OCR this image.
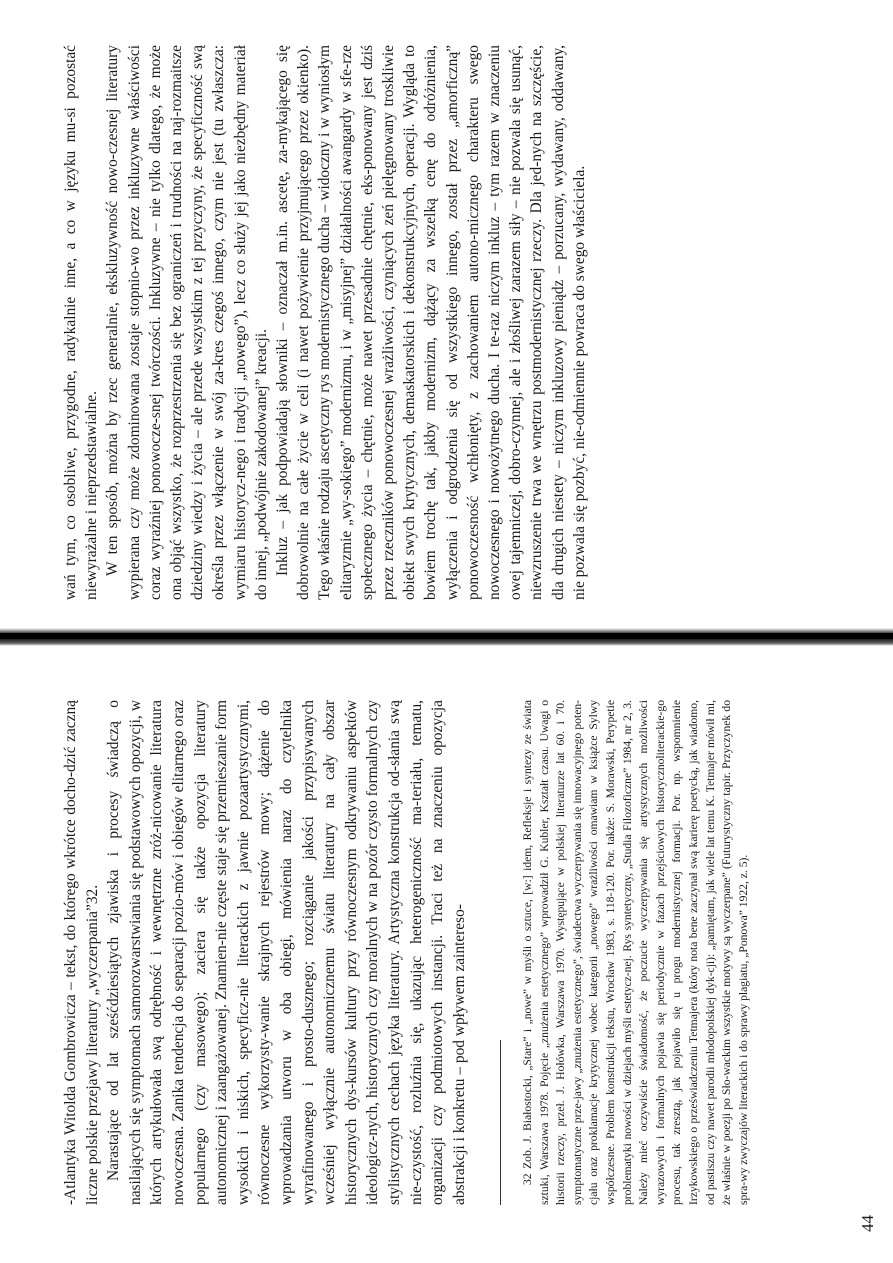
-Atlantyka Witolda Gombrowicza – tekst, do którego wkrótce docho-dzić zaczną liczne polskie przejawy literatury „wyczerpania”32. Narastające od lat sześćdziesiątych zjawiska i procesy świadczą o nasilających się symptomach samorozwarstwiania się podstawowych opozycji, w których artykułowała swą odrębność i wewnętrzne zróż-nicowanie literatura nowoczesna. Zanika tendencja do separacji pozio-mów i obiegów elitarnego oraz popularnego (czy masowego); zaciera się także opozycja literatury autonomicznej i zaangażowanej. Znamien-nie częste staje się przemieszanie form wysokich i niskich, specyficz-nie literackich z jawnie pozaartystycznymi, równoczesne wykorzysty-wanie skrajnych rejestrów mowy; dążenie do wprowadzania utworu w oba obiegi, mówienia naraz do czytelnika wyrafinowanego i prosto-dusznego; rozciąganie jakości przypisywanych wcześniej wyłącznie autonomicznemu światu literatury na cały obszar historycznych dys-kursów kultury przy równoczesnym odkrywaniu aspektów ideologicz-nych, historycznych czy moralnych w na pozór czysto formalnych czy stylistycznych cechach języka literatury. Artystyczna konstrukcja od-słania swą nie-czystość, rozluźnia się, ukazując heterogeniczność ma-teriału, tematu, organizacji czy podmiotowych instancji. Traci też na znaczeniu opozycja abstrakcji i konkretu – pod wpływem zaintereso-	32 Zob. J. Białostocki, „Stare” i „nowe” w myśli o sztuce, [w:] idem, Refleksje i syntezy ze świata sztuki, Warszawa 1978. Pojęcie „znużenia estetycznego” wprowadził G. Kubler, Kształt czasu. Uwagi o historii rzeczy, przeł. J. Hołówka, Warszawa 1970. Występujące w polskiej literaturze lat 60. i 70. symptomatyczne prze-jawy „znużenia estetycznego”, świadectwa wyczerpywania się innowacyjnego poten-cjału oraz proklamacje krytycznej wobec kategorii „nowego” wrażliwości omawiam w książce Sylwy współczesne. Problem konstrukcji tekstu, Wrocław 1983, s. 118-120. Por. także: S. Morawski, Perypetie problematyki nowości w dziejach myśli estetycz-nej. Rys syntetyczny, „Studia Filozoficzne” 1984, nr 2, 3. Należy mieć oczywiście świadomość, że poczucie wyczerpywania się artystycznych możliwości wyrazowych i formalnych pojawia się periodycznie w fazach przejściowych historycznoliterackie-go procesu, tak zresztą, jak pojawiło się u progu modernistycznej formacji. Por. np. wspomnienie Irzykowskiego o przeświadczeniu Tetmajera (który nota bene zaczynał swą karierę poetycką, jak wiadomo, od pastiszu czy nawet parodii młodopolskiej dyk-cji): „pamiętam, jak wiele lat temu K. Tetmajer mówił mi, że właśnie w poezji po Sło-wackim wszystkie motywy są wyczerpane” (Futurystyczny tapir. Przyczynek do spra-wy zwyczajów literackich i do sprawy plagiatu, „Ponowa” 1922, z. 5).

44

wań tym, co osobliwe, przygodne, radykalnie inne, a co w języku mu-si pozostać niewyrażalne i nieprzedstawialne. W ten sposób, można by rzec generalnie, ekskluzywność nowo-czesnej literatury wypierana czy może zdominowana zostaje stopnio-wo przez inkluzywne właściwości coraz wyraźniej ponowocze-snej twórczości. Inkluzywne – nie tylko dlatego, że może ona objąć wszystko, że rozprzestrzenia się bez ograniczeń i trudności na naj-rozmaitsze dziedziny wiedzy i życia – ale przede wszystkim z tej przyczyny, że specyficzność swą określa przez włączenie w swój za-kres czegoś innego, czym nie jest (tu zwłaszcza: wymiaru historycz-nego i tradycji „nowego”), lecz co służy jej jako niezbędny materiał do innej, „podwójnie zakodowanej” kreacji. Inkluz – jak podpowiadają słowniki – oznaczał m.in. ascetę, za-mykającego się dobrowolnie na całe życie w celi (i nawet pożywienie przyjmującego przez okienko). Tego właśnie rodzaju ascetyczny rys modernistycznego ducha – widoczny i w wyniosłym elitaryzmie „wy-sokiego” modernizmu, i w „misyjnej” działalności awangardy w sfe-rze społecznego życia – chętnie, może nawet przesadnie chętnie, eks-ponowany jest dziś przez rzeczników ponowoczesnej wrażliwości, czyniących zeń pielęgnowany troskliwie obiekt swych krytycznych, demaskatorskich i dekonstrukcyjnych, operacji. Wygląda to bowiem trochę tak, jakby modernizm, dążący za wszelką cenę do odróżnienia, wyłączenia i odgrodzenia się od wszystkiego innego, został przez „amorficzną” ponowoczesność wchłonięty, z zachowaniem autono-micznego charakteru swego nowoczesnego i nowożytnego ducha. I te-raz niczym inkluz – tym razem w znaczeniu owej tajemniczej, dobro-czynnej, ale i złośliwej zarazem siły – nie pozwala się usunąć, niewzruszenie trwa we wnętrzu postmodernistycznej rzeczy. Dla jed-nych na szczęście, dla drugich niestety – niczym inkluzowy pieniądz – porzucany, wydawany, oddawany, nie pozwala się pozbyć, nie-odmiennie powraca do swego właściciela.
